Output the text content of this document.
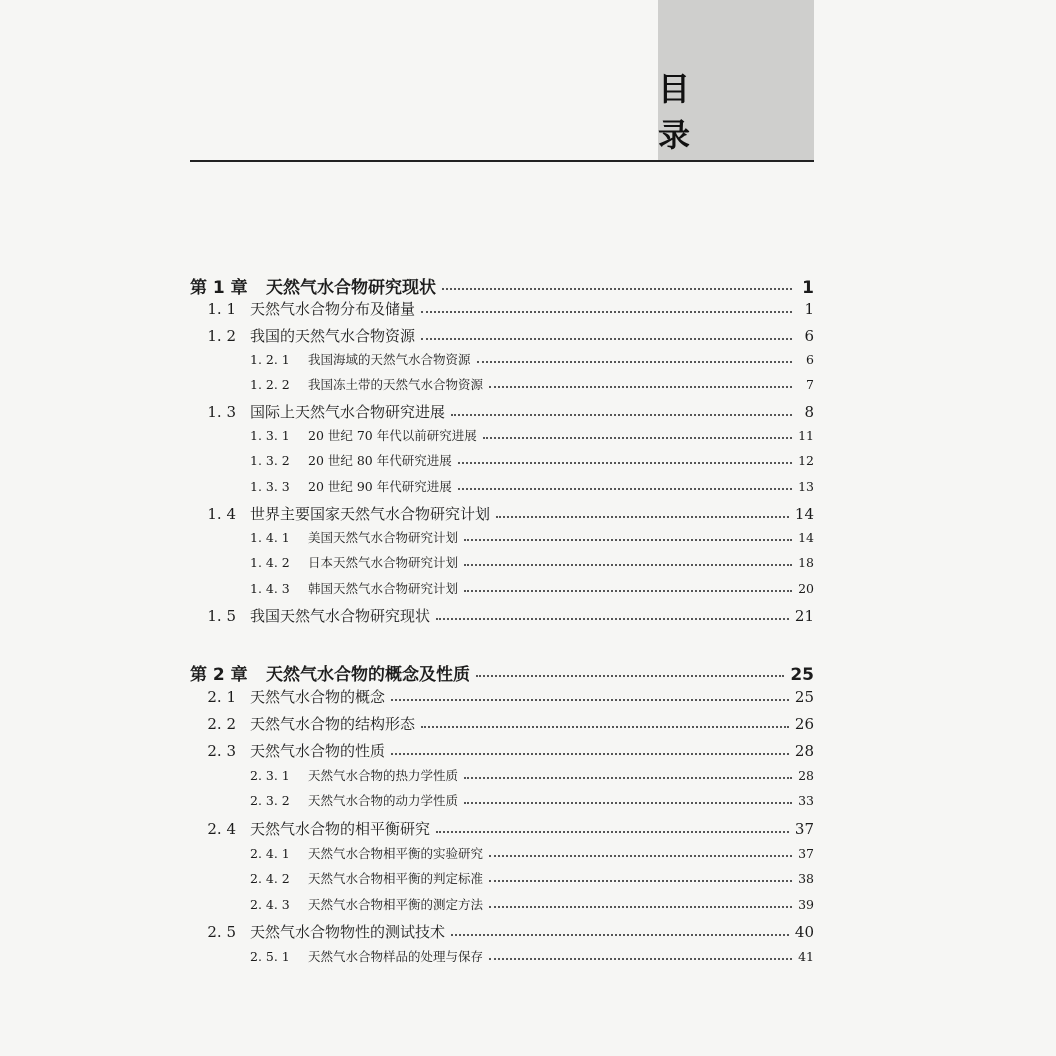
目 录
第 1 章	天然气水合物研究现状	1
1. 1 天然气水合物分布及储量	1
1. 2 我国的天然气水合物资源	6
1. 2. 1	我国海域的天然气水合物资源	6
1. 2. 2	我国冻土带的天然气水合物资源	7
1. 3 国际上天然气水合物研究进展	8
1. 3. 1	20 世纪 70 年代以前研究进展	11
1. 3. 2	20 世纪 80 年代研究进展	12
1. 3. 3	20 世纪 90 年代研究进展	13
1. 4 世界主要国家天然气水合物研究计划	14
1. 4. 1	美国天然气水合物研究计划	14
1. 4. 2	日本天然气水合物研究计划	18
1. 4. 3	韩国天然气水合物研究计划	20
1. 5 我国天然气水合物研究现状	21
第 2 章	天然气水合物的概念及性质	25
2. 1 天然气水合物的概念	25
2. 2 天然气水合物的结构形态	26
2. 3 天然气水合物的性质	28
2. 3. 1	天然气水合物的热力学性质	28
2. 3. 2	天然气水合物的动力学性质	33
2. 4 天然气水合物的相平衡研究	37
2. 4. 1	天然气水合物相平衡的实验研究	37
2. 4. 2	天然气水合物相平衡的判定标准	38
2. 4. 3	天然气水合物相平衡的测定方法	39
2. 5 天然气水合物物性的测试技术	40
2. 5. 1	天然气水合物样品的处理与保存	41
